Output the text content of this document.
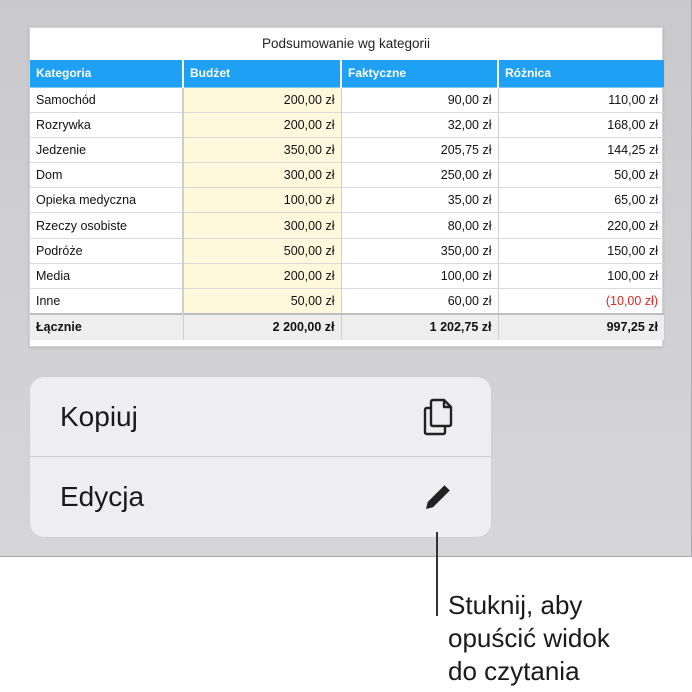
Podsumowanie wg kategorii
Kategoria	Budżet	Faktyczne	Różnica
Samochód	200,00 zł	90,00 zł	110,00 zł
Rozrywka	200,00 zł	32,00 zł	168,00 zł
Jedzenie	350,00 zł	205,75 zł	144,25 zł
Dom	300,00 zł	250,00 zł	50,00 zł
Opieka medyczna	100,00 zł	35,00 zł	65,00 zł
Rzeczy osobiste	300,00 zł	80,00 zł	220,00 zł
Podróże	500,00 zł	350,00 zł	150,00 zł
Media	200,00 zł	100,00 zł	100,00 zł
Inne	50,00 zł	60,00 zł	(10,00 zł)
Łącznie	2 200,00 zł	1 202,75 zł	997,25 zł
Kopiuj
Edycja
Stuknij, aby
opuścić widok
do czytania
